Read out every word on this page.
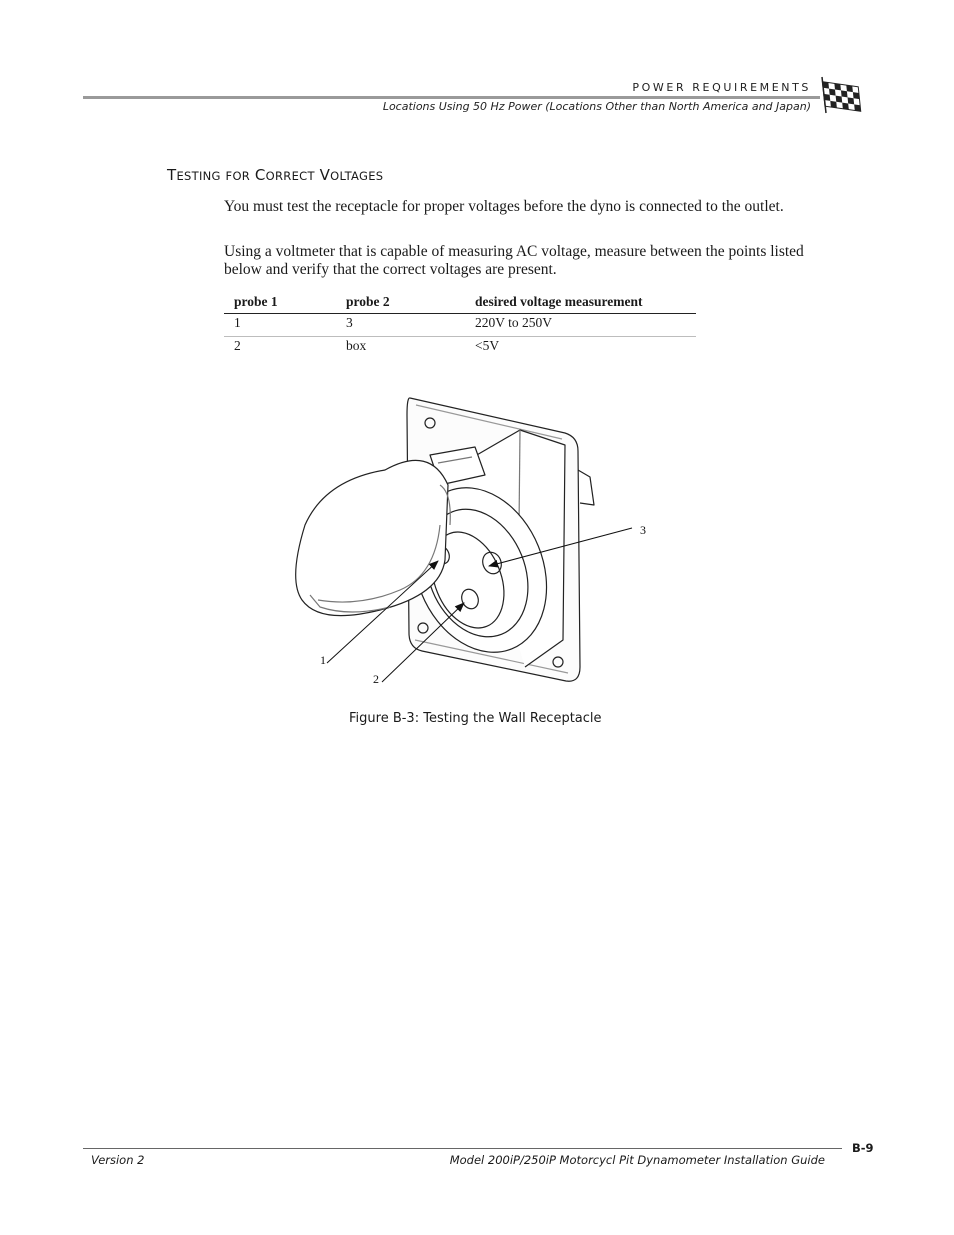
POWER REQUIREMENTS
Locations Using 50 Hz Power (Locations Other than North America and Japan)
TESTING FOR CORRECT VOLTAGES

You must test the receptacle for proper voltages before the dyno is connected to the outlet.

Using a voltmeter that is capable of measuring AC voltage, measure between the points listed below and verify that the correct voltages are present.

probe 1	probe 2	desired voltage measurement
1	3	220V to 250V
2	box	<5V
1
2
3
Figure B-3: Testing the Wall Receptacle
Version 2	Model 200iP/250iP Motorcycl Pit Dynamometer Installation Guide
B-9
